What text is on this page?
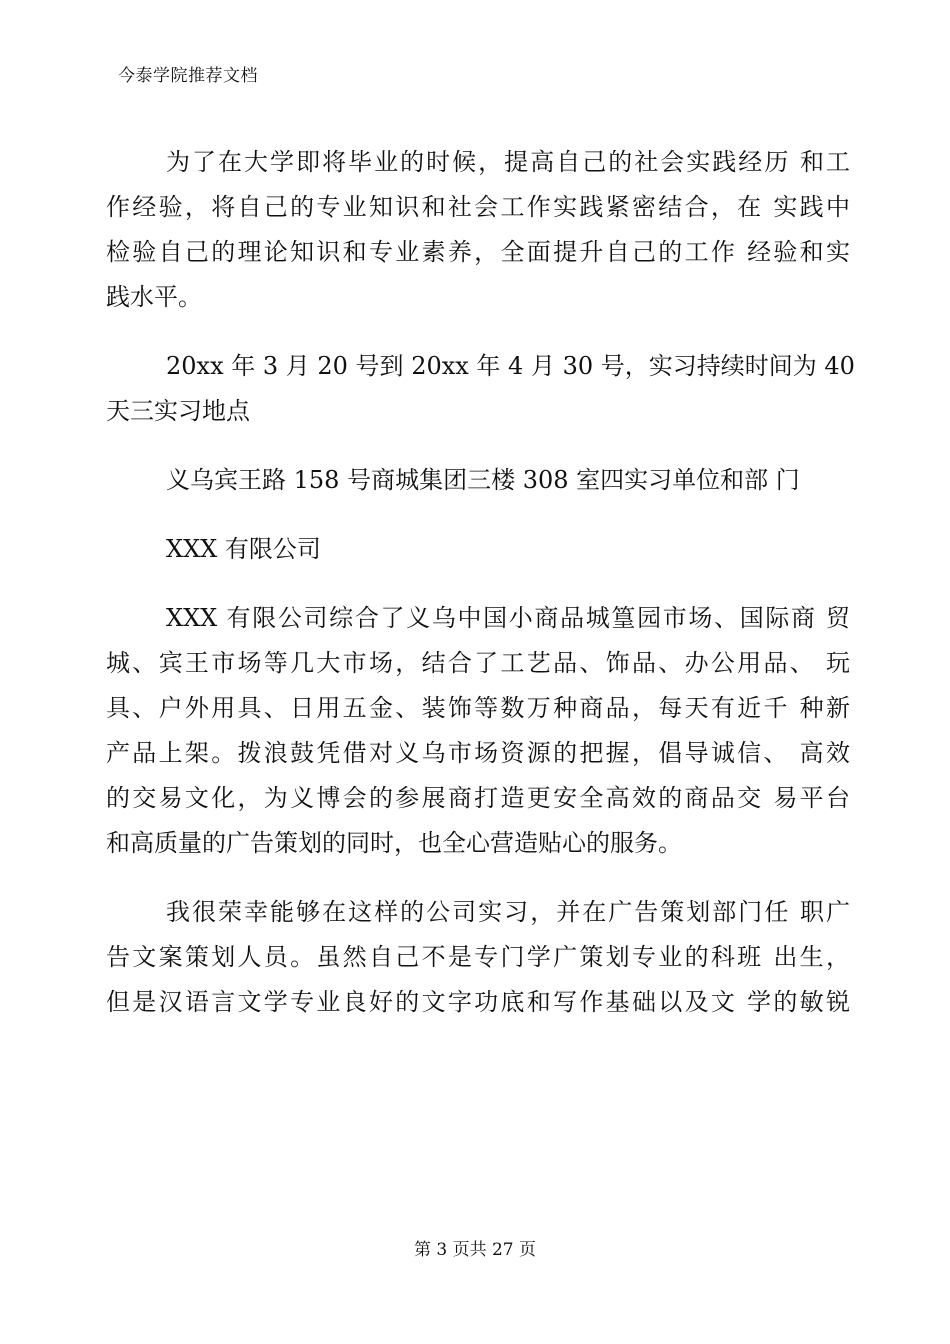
今泰学院推荐文档

为了在大学即将毕业的时候，提高自己的社会实践经历 和工
作经验，将自己的专业知识和社会工作实践紧密结合，在 实践中
检验自己的理论知识和专业素养，全面提升自己的工作 经验和实
践水平。

20xx 年 3 月 20 号到 20xx 年 4 月 30 号，实习持续时间为 40
天三实习地点

义乌宾王路 158 号商城集团三楼 308 室四实习单位和部 门

XXX 有限公司

XXX 有限公司综合了义乌中国小商品城篁园市场、国际商 贸
城、宾王市场等几大市场，结合了工艺品、饰品、办公用品、 玩
具、户外用具、日用五金、装饰等数万种商品，每天有近千 种新
产品上架。拨浪鼓凭借对义乌市场资源的把握，倡导诚信、 高效
的交易文化，为义博会的参展商打造更安全高效的商品交 易平台
和高质量的广告策划的同时，也全心营造贴心的服务。

我很荣幸能够在这样的公司实习，并在广告策划部门任 职广
告文案策划人员。虽然自己不是专门学广策划专业的科班 出生，
但是汉语言文学专业良好的文字功底和写作基础以及文 学的敏锐

第 3 页共 27 页
